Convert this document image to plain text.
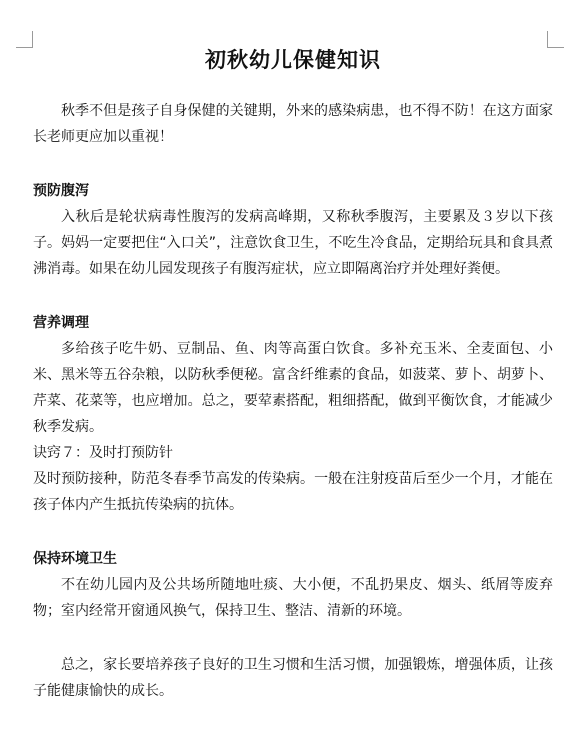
初秋幼儿保健知识

秋季不但是孩子自身保健的关键期，外来的感染病患，也不得不防！在这方面家长老师更应加以重视！

预防腹泻

入秋后是轮状病毒性腹泻的发病高峰期，又称秋季腹泻，主要累及３岁以下孩子。妈妈一定要把住“入口关”，注意饮食卫生，不吃生冷食品，定期给玩具和食具煮沸消毒。如果在幼儿园发现孩子有腹泻症状，应立即隔离治疗并处理好粪便。

营养调理

多给孩子吃牛奶、豆制品、鱼、肉等高蛋白饮食。多补充玉米、全麦面包、小米、黑米等五谷杂粮，以防秋季便秘。富含纤维素的食品，如菠菜、萝卜、胡萝卜、芹菜、花菜等，也应增加。总之，要荤素搭配，粗细搭配，做到平衡饮食，才能减少秋季发病。

诀窍７：及时打预防针

及时预防接种，防范冬春季节高发的传染病。一般在注射疫苗后至少一个月，才能在孩子体内产生抵抗传染病的抗体。

保持环境卫生

不在幼儿园内及公共场所随地吐痰、大小便，不乱扔果皮、烟头、纸屑等废弃物；室内经常开窗通风换气，保持卫生、整洁、清新的环境。

总之，家长要培养孩子良好的卫生习惯和生活习惯，加强锻炼，增强体质，让孩子能健康愉快的成长。
